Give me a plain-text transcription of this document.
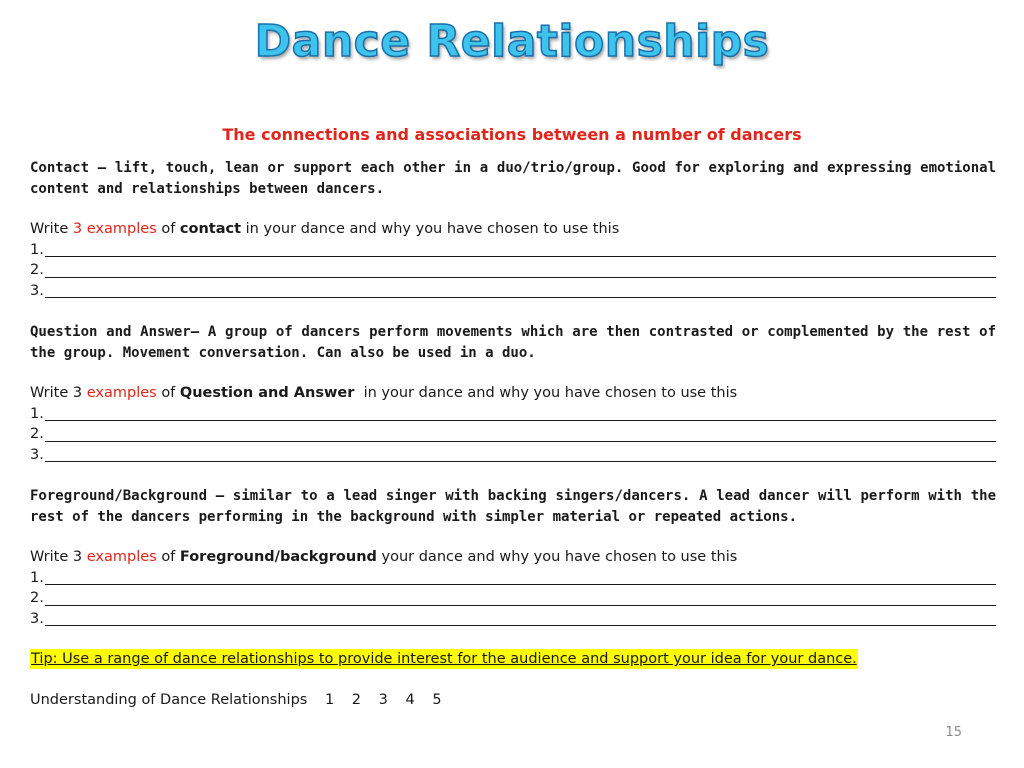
Dance Relationships
The connections and associations between a number of dancers
Contact – lift, touch, lean or support each other in a duo/trio/group. Good for exploring and expressing emotional content and relationships between dancers.
Write 3 examples of contact in your dance and why you have chosen to use this
1.
2.
3.
Question and Answer– A group of dancers perform movements which are then contrasted or complemented by the rest of the group. Movement conversation. Can also be used in a duo.
Write 3 examples of Question and Answer in your dance and why you have chosen to use this
1.
2.
3.
Foreground/Background – similar to a lead singer with backing singers/dancers. A lead dancer will perform with the rest of the dancers performing in the background with simpler material or repeated actions.
Write 3 examples of Foreground/background your dance and why you have chosen to use this
1.
2.
3.
Tip: Use a range of dance relationships to provide interest for the audience and support your idea for your dance.
Understanding of Dance Relationships 1 2 3 4 5
15
